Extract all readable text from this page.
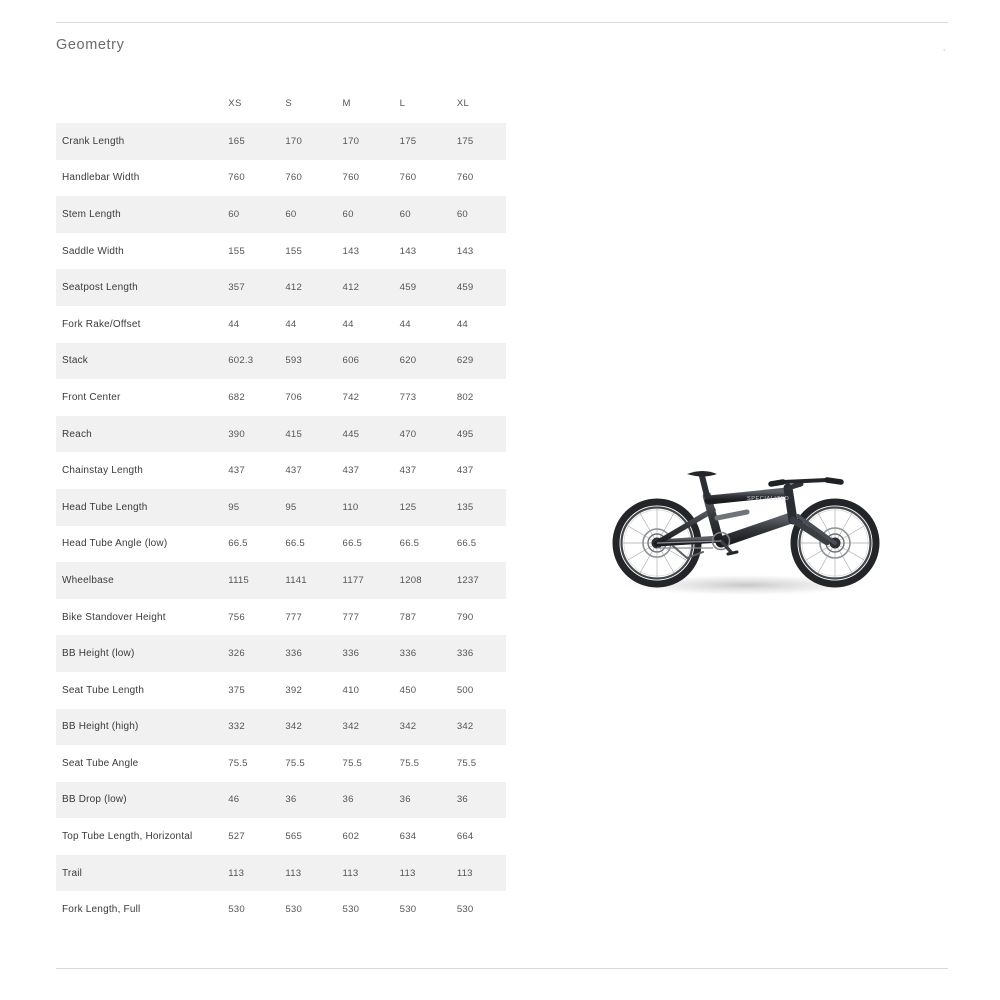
Geometry	·
	XS	S	M	L	XL
Crank Length	165	170	170	175	175
Handlebar Width	760	760	760	760	760
Stem Length	60	60	60	60	60
Saddle Width	155	155	143	143	143
Seatpost Length	357	412	412	459	459
Fork Rake/Offset	44	44	44	44	44
Stack	602.3	593	606	620	629
Front Center	682	706	742	773	802
Reach	390	415	445	470	495
Chainstay Length	437	437	437	437	437
Head Tube Length	95	95	110	125	135
Head Tube Angle (low)	66.5	66.5	66.5	66.5	66.5
Wheelbase	1115	1141	1177	1208	1237
Bike Standover Height	756	777	777	787	790
BB Height (low)	326	336	336	336	336
Seat Tube Length	375	392	410	450	500
BB Height (high)	332	342	342	342	342
Seat Tube Angle	75.5	75.5	75.5	75.5	75.5
BB Drop (low)	46	36	36	36	36
Top Tube Length, Horizontal	527	565	602	634	664
Trail	113	113	113	113	113
Fork Length, Full	530	530	530	530	530
SPECIALIZED
